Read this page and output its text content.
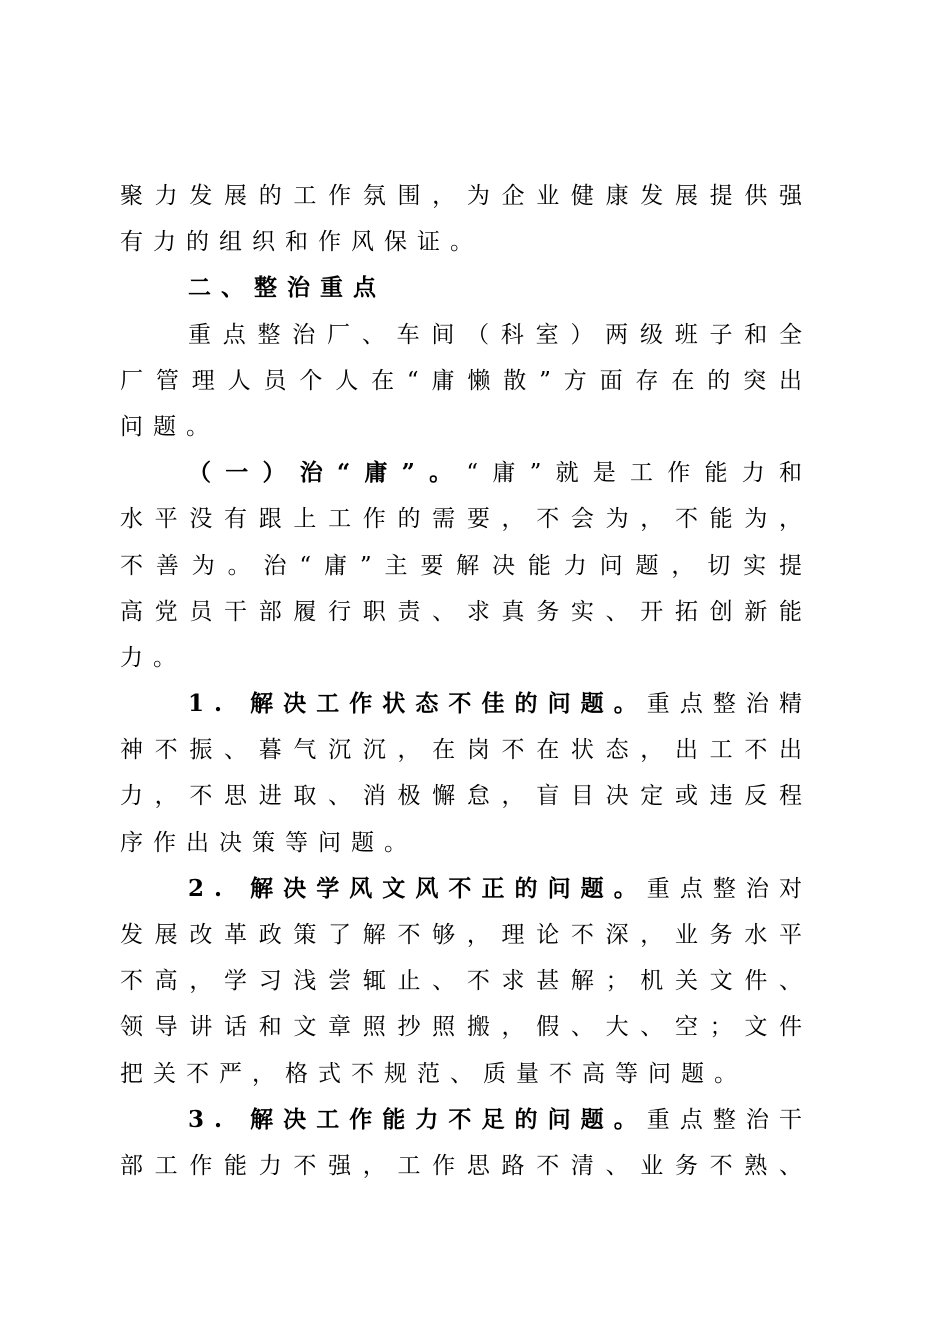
聚力发展的工作氛围，为企业健康发展提供强
有力的组织和作风保证。
二、整治重点
重点整治厂、车间（科室）两级班子和全
厂管理人员个人在“庸懒散”方面存在的突出
问题。
（一）治“庸”。“庸”就是工作能力和
水平没有跟上工作的需要，不会为，不能为，
不善为。治“庸”主要解决能力问题，切实提
高党员干部履行职责、求真务实、开拓创新能
力。
1. 解决工作状态不佳的问题。重点整治精
神不振、暮气沉沉，在岗不在状态，出工不出
力，不思进取、消极懈怠，盲目决定或违反程
序作出决策等问题。
2. 解决学风文风不正的问题。重点整治对
发展改革政策了解不够，理论不深，业务水平
不高，学习浅尝辄止、不求甚解；机关文件、
领导讲话和文章照抄照搬，假、大、空；文件
把关不严，格式不规范、质量不高等问题。
3. 解决工作能力不足的问题。重点整治干
部工作能力不强，工作思路不清、业务不熟、
